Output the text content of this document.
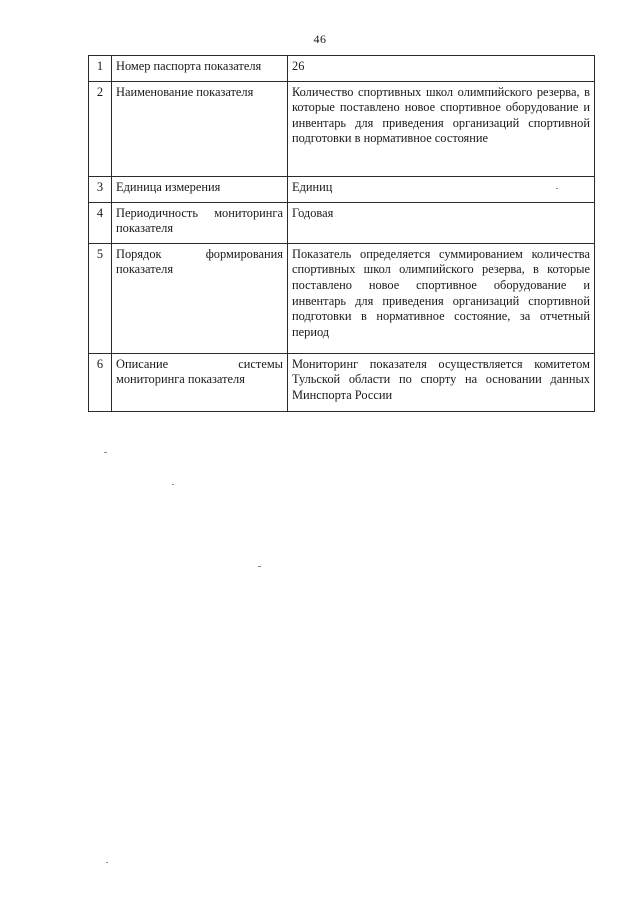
46
1	Номер паспорта показателя	26
2	Наименование показателя	Количество спортивных школ олимпийского резерва, в которые поставлено новое спортивное оборудование и инвентарь для приведения организаций спортивной подготовки в нормативное состояние
3	Единица измерения	Единиц
4	Периодичность мониторинга показателя	Годовая
5	Порядок формирования показателя	Показатель определяется суммированием количества спортивных школ олимпийского резерва, в которые поставлено новое спортивное оборудование и инвентарь для приведения организаций спортивной подготовки в нормативное состояние, за отчетный период
6	Описание системы мониторинга показателя	Мониторинг показателя осуществляется комитетом Тульской области по спорту на основании данных Минспорта России
